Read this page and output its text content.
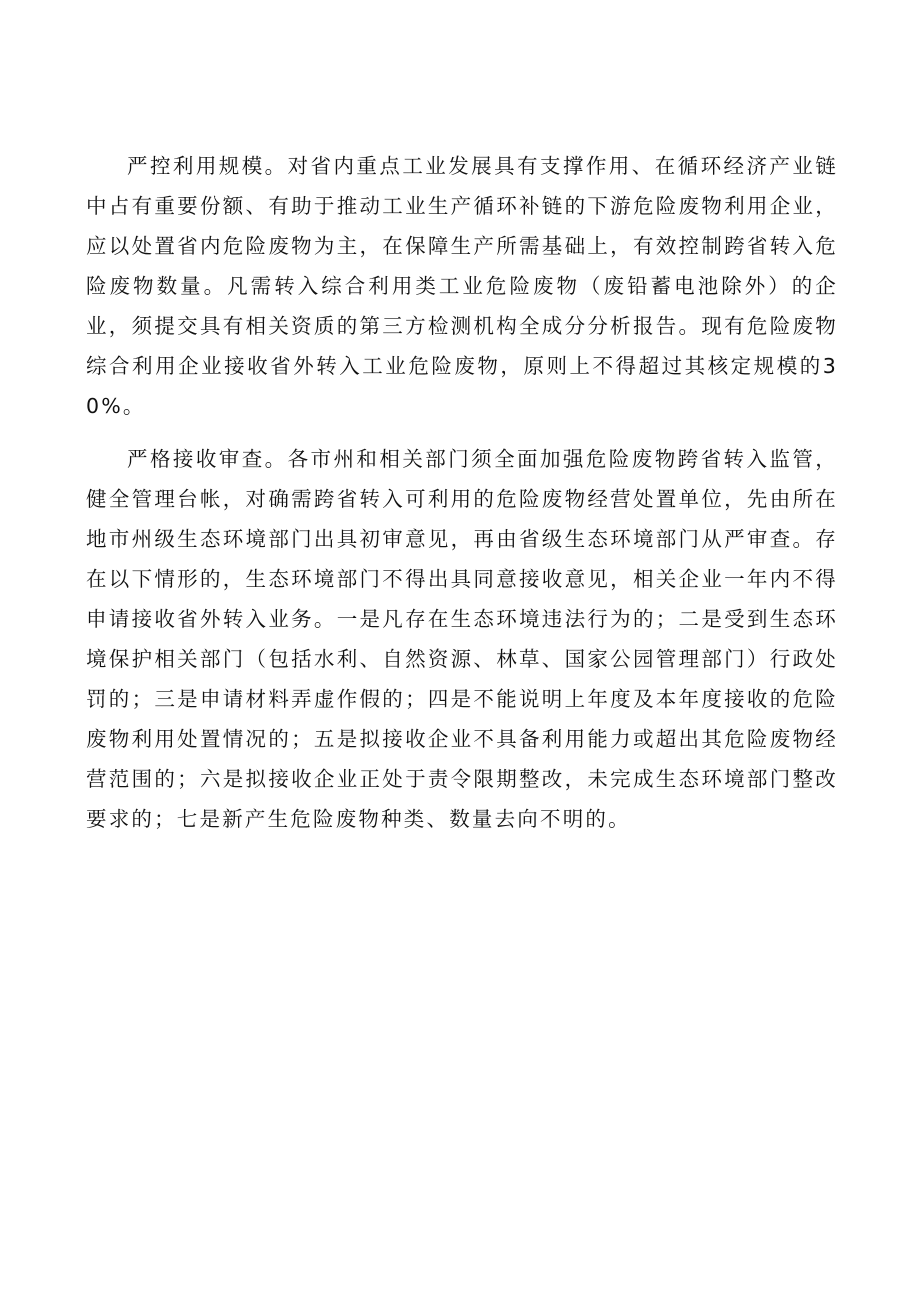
严控利用规模。对省内重点工业发展具有支撑作用、在循环经济产业链中占有重要份额、有助于推动工业生产循环补链的下游危险废物利用企业，应以处置省内危险废物为主，在保障生产所需基础上，有效控制跨省转入危险废物数量。凡需转入综合利用类工业危险废物（废铅蓄电池除外）的企业，须提交具有相关资质的第三方检测机构全成分分析报告。现有危险废物综合利用企业接收省外转入工业危险废物，原则上不得超过其核定规模的30%。

严格接收审查。各市州和相关部门须全面加强危险废物跨省转入监管，健全管理台帐，对确需跨省转入可利用的危险废物经营处置单位，先由所在地市州级生态环境部门出具初审意见，再由省级生态环境部门从严审查。存在以下情形的，生态环境部门不得出具同意接收意见，相关企业一年内不得申请接收省外转入业务。一是凡存在生态环境违法行为的；二是受到生态环境保护相关部门（包括水利、自然资源、林草、国家公园管理部门）行政处罚的；三是申请材料弄虚作假的；四是不能说明上年度及本年度接收的危险废物利用处置情况的；五是拟接收企业不具备利用能力或超出其危险废物经营范围的；六是拟接收企业正处于责令限期整改，未完成生态环境部门整改要求的；七是新产生危险废物种类、数量去向不明的。
